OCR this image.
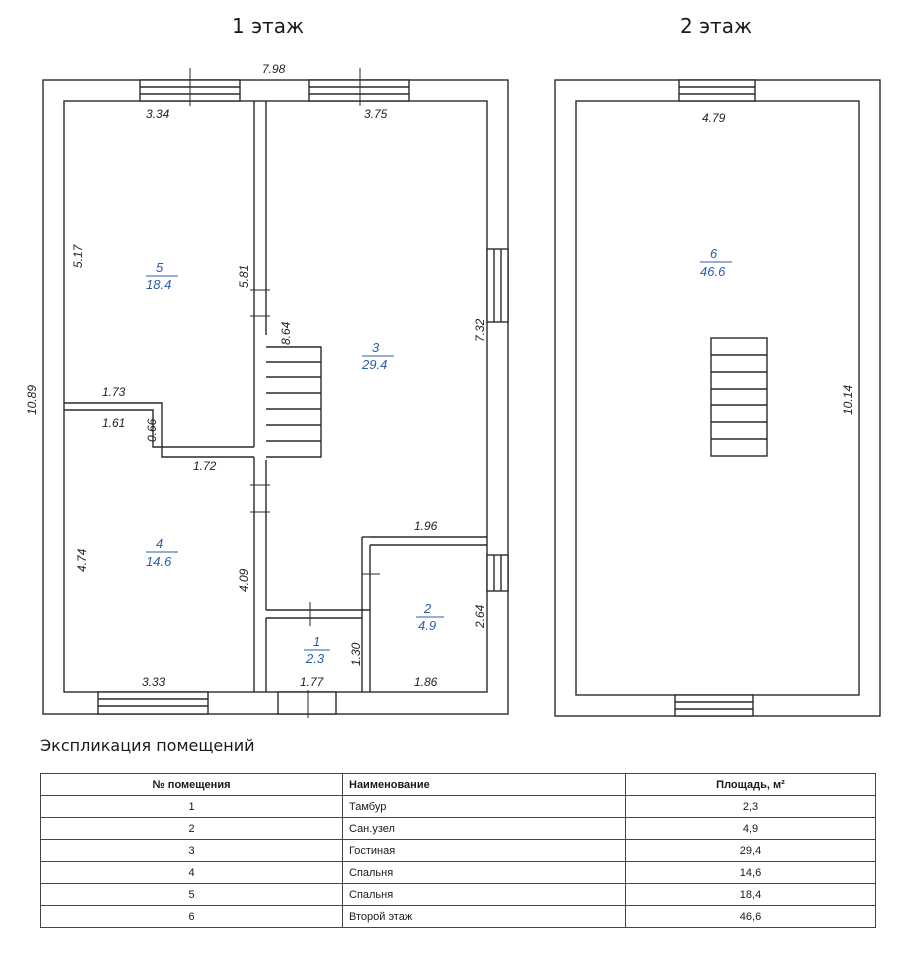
1 этаж	2 этаж
7.98
3.34	3.75
10.89
5.17
5.81
8.64	7.32
1.73
1.61 0.66
1.72
1.96
4.74
4.09
2.64
1.30
3.33	1.77	1.86
4.79
10.14
5
18.4
3
29.4
4
14.6
1
2.3
2
4.9
6
46.6
Экспликация помещений
№ помещения	Наименование	Площадь, м²
1	Тамбур	2,3
2	Сан.узел	4,9
3	Гостиная	29,4
4	Спальня	14,6
5	Спальня	18,4
6	Второй этаж	46,6
